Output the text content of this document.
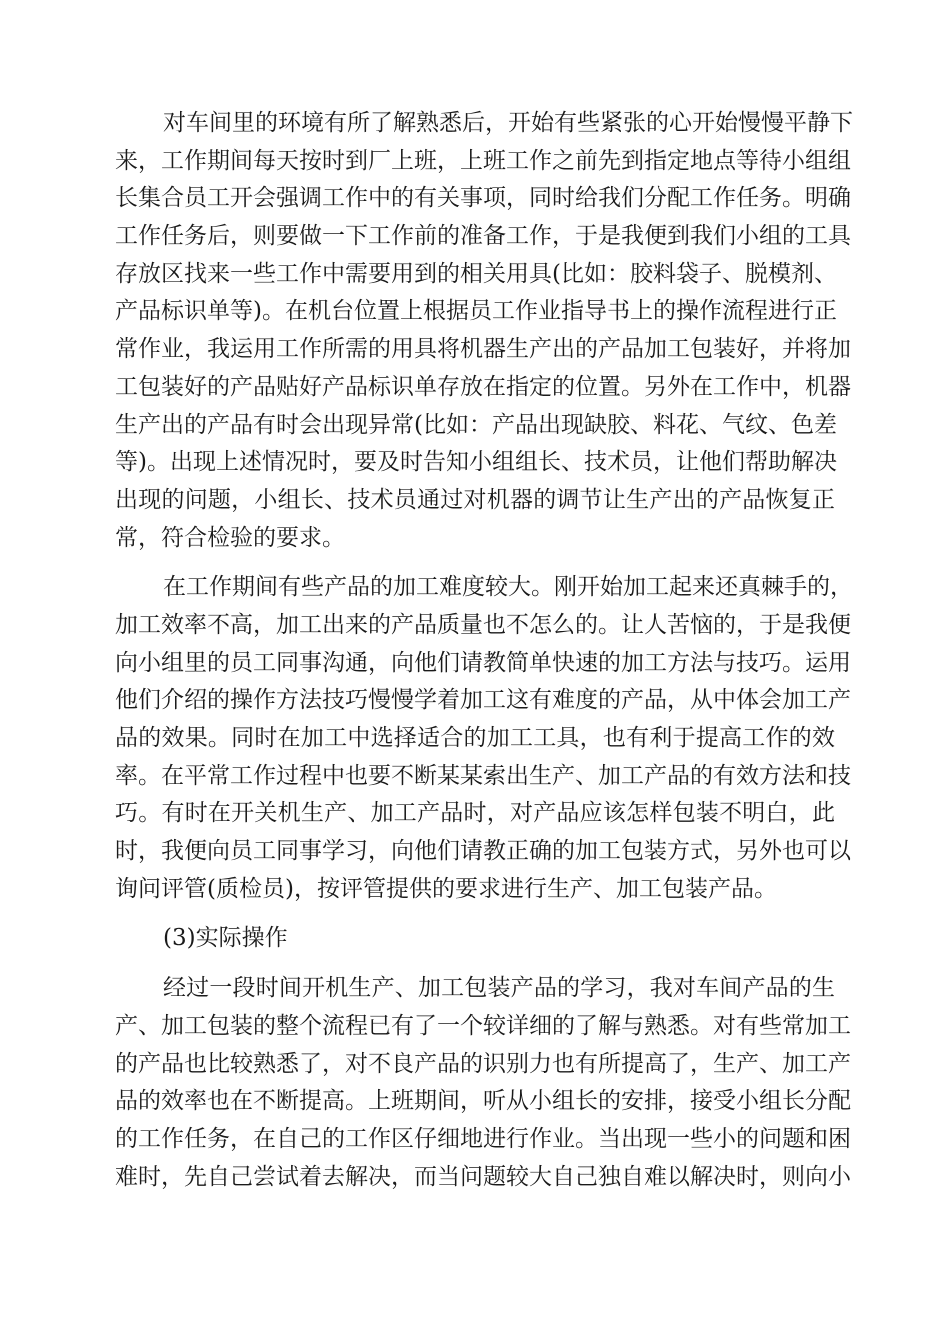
对车间里的环境有所了解熟悉后，开始有些紧张的心开始慢慢平静下
来，工作期间每天按时到厂上班，上班工作之前先到指定地点等待小组组
长集合员工开会强调工作中的有关事项，同时给我们分配工作任务。明确
工作任务后，则要做一下工作前的准备工作，于是我便到我们小组的工具
存放区找来一些工作中需要用到的相关用具(比如：胶料袋子、脱模剂、
产品标识单等)。在机台位置上根据员工作业指导书上的操作流程进行正
常作业，我运用工作所需的用具将机器生产出的产品加工包装好，并将加
工包装好的产品贴好产品标识单存放在指定的位置。另外在工作中，机器
生产出的产品有时会出现异常(比如：产品出现缺胶、料花、气纹、色差
等)。出现上述情况时，要及时告知小组组长、技术员，让他们帮助解决
出现的问题，小组长、技术员通过对机器的调节让生产出的产品恢复正
常，符合检验的要求。
在工作期间有些产品的加工难度较大。刚开始加工起来还真棘手的，
加工效率不高，加工出来的产品质量也不怎么的。让人苦恼的，于是我便
向小组里的员工同事沟通，向他们请教简单快速的加工方法与技巧。运用
他们介绍的操作方法技巧慢慢学着加工这有难度的产品，从中体会加工产
品的效果。同时在加工中选择适合的加工工具，也有利于提高工作的效
率。在平常工作过程中也要不断某某索出生产、加工产品的有效方法和技
巧。有时在开关机生产、加工产品时，对产品应该怎样包装不明白，此
时，我便向员工同事学习，向他们请教正确的加工包装方式，另外也可以
询问评管(质检员)，按评管提供的要求进行生产、加工包装产品。
(3)实际操作
经过一段时间开机生产、加工包装产品的学习，我对车间产品的生
产、加工包装的整个流程已有了一个较详细的了解与熟悉。对有些常加工
的产品也比较熟悉了，对不良产品的识别力也有所提高了，生产、加工产
品的效率也在不断提高。上班期间，听从小组长的安排，接受小组长分配
的工作任务，在自己的工作区仔细地进行作业。当出现一些小的问题和困
难时，先自己尝试着去解决，而当问题较大自己独自难以解决时，则向小
